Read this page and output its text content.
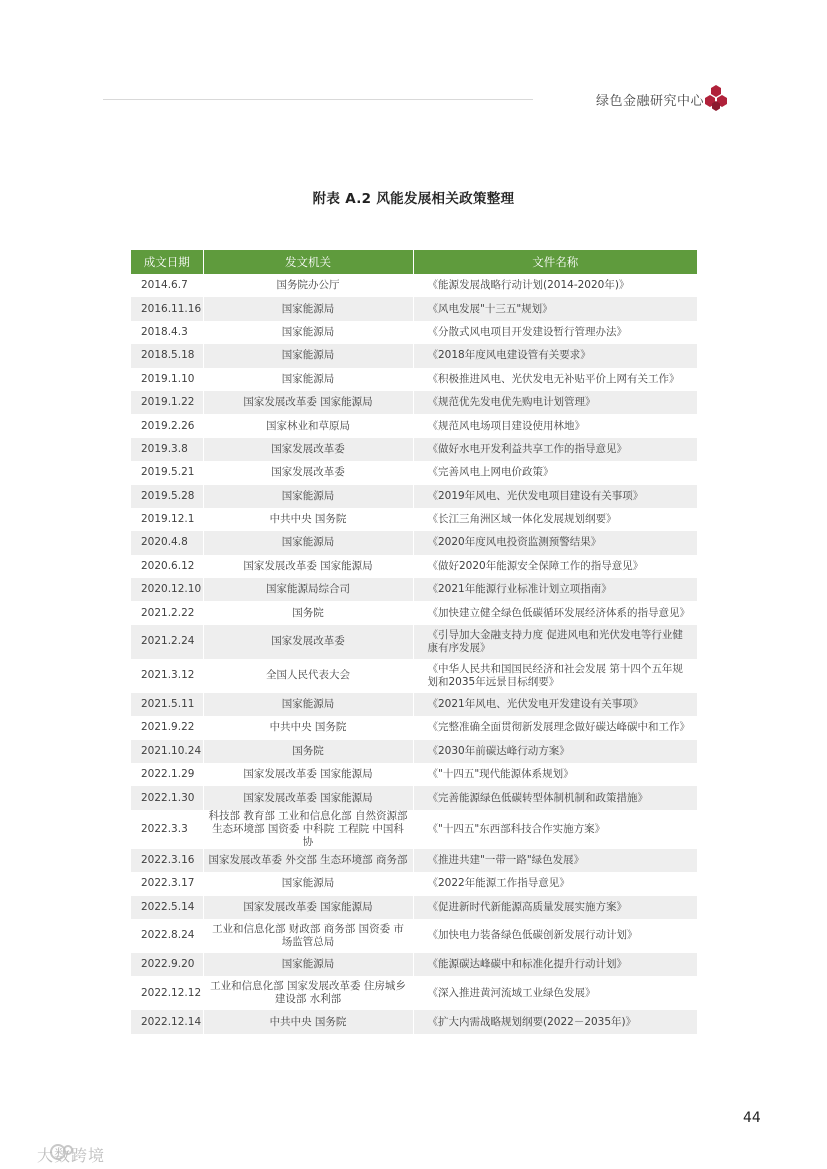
绿色金融研究中心
附表 A.2 风能发展相关政策整理
成文日期	发文机关	文件名称
2014.6.7	国务院办公厅	《能源发展战略行动计划(2014-2020年)》
2016.11.16	国家能源局	《风电发展"十三五"规划》
2018.4.3	国家能源局	《分散式风电项目开发建设暂行管理办法》
2018.5.18	国家能源局	《2018年度风电建设管有关要求》
2019.1.10	国家能源局	《积极推进风电、光伏发电无补贴平价上网有关工作》
2019.1.22	国家发展改革委 国家能源局	《规范优先发电优先购电计划管理》
2019.2.26	国家林业和草原局	《规范风电场项目建设使用林地》
2019.3.8	国家发展改革委	《做好水电开发利益共享工作的指导意见》
2019.5.21	国家发展改革委	《完善风电上网电价政策》
2019.5.28	国家能源局	《2019年风电、光伏发电项目建设有关事项》
2019.12.1	中共中央 国务院	《长江三角洲区域一体化发展规划纲要》
2020.4.8	国家能源局	《2020年度风电投资监测预警结果》
2020.6.12	国家发展改革委 国家能源局	《做好2020年能源安全保障工作的指导意见》
2020.12.10	国家能源局综合司	《2021年能源行业标准计划立项指南》
2021.2.22	国务院	《加快建立健全绿色低碳循环发展经济体系的指导意见》
2021.2.24	国家发展改革委	《引导加大金融支持力度 促进风电和光伏发电等行业健康有序发展》
2021.3.12	全国人民代表大会	《中华人民共和国国民经济和社会发展 第十四个五年规划和2035年远景目标纲要》
2021.5.11	国家能源局	《2021年风电、光伏发电开发建设有关事项》
2021.9.22	中共中央 国务院	《完整准确全面贯彻新发展理念做好碳达峰碳中和工作》
2021.10.24	国务院	《2030年前碳达峰行动方案》
2022.1.29	国家发展改革委 国家能源局	《"十四五"现代能源体系规划》
2022.1.30	国家发展改革委 国家能源局	《完善能源绿色低碳转型体制机制和政策措施》
2022.3.3	科技部 教育部 工业和信息化部 自然资源部 生态环境部 国资委 中科院 工程院 中国科协	《"十四五"东西部科技合作实施方案》
2022.3.16	国家发展改革委 外交部 生态环境部 商务部	《推进共建"一带一路"绿色发展》
2022.3.17	国家能源局	《2022年能源工作指导意见》
2022.5.14	国家发展改革委 国家能源局	《促进新时代新能源高质量发展实施方案》
2022.8.24	工业和信息化部 财政部 商务部 国资委 市场监管总局	《加快电力装备绿色低碳创新发展行动计划》
2022.9.20	国家能源局	《能源碳达峰碳中和标准化提升行动计划》
2022.12.12	工业和信息化部 国家发展改革委 住房城乡建设部 水利部	《深入推进黄河流域工业绿色发展》
2022.12.14	中共中央 国务院	《扩大内需战略规划纲要(2022－2035年)》
44
大数跨境
